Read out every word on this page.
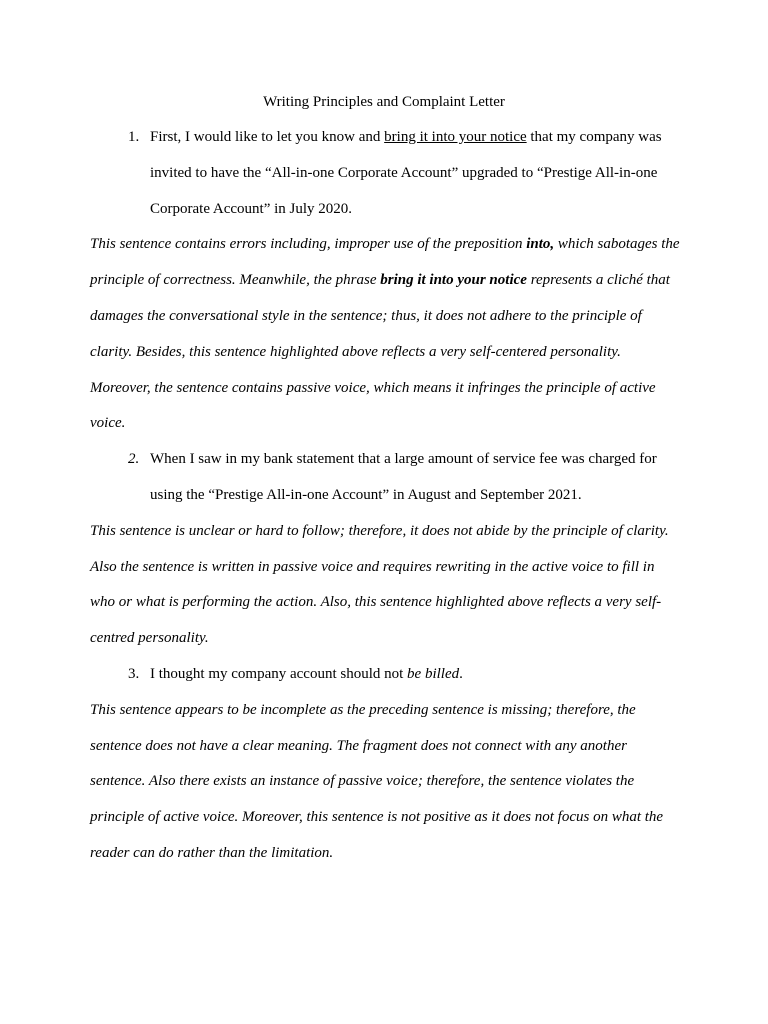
Writing Principles and Complaint Letter
1. First, I would like to let you know and bring it into your notice that my company was invited to have the “All-in-one Corporate Account” upgraded to “Prestige All-in-one Corporate Account” in July 2020.
This sentence contains errors including, improper use of the preposition into, which sabotages the principle of correctness. Meanwhile, the phrase bring it into your notice represents a cliché that damages the conversational style in the sentence; thus, it does not adhere to the principle of clarity. Besides, this sentence highlighted above reflects a very self-centered personality. Moreover, the sentence contains passive voice, which means it infringes the principle of active voice.
2. When I saw in my bank statement that a large amount of service fee was charged for using the “Prestige All-in-one Account” in August and September 2021.
This sentence is unclear or hard to follow; therefore, it does not abide by the principle of clarity. Also the sentence is written in passive voice and requires rewriting in the active voice to fill in who or what is performing the action. Also, this sentence highlighted above reflects a very self-centred personality.
3. I thought my company account should not be billed.
This sentence appears to be incomplete as the preceding sentence is missing; therefore, the sentence does not have a clear meaning. The fragment does not connect with any another sentence. Also there exists an instance of passive voice; therefore, the sentence violates the principle of active voice. Moreover, this sentence is not positive as it does not focus on what the reader can do rather than the limitation.
